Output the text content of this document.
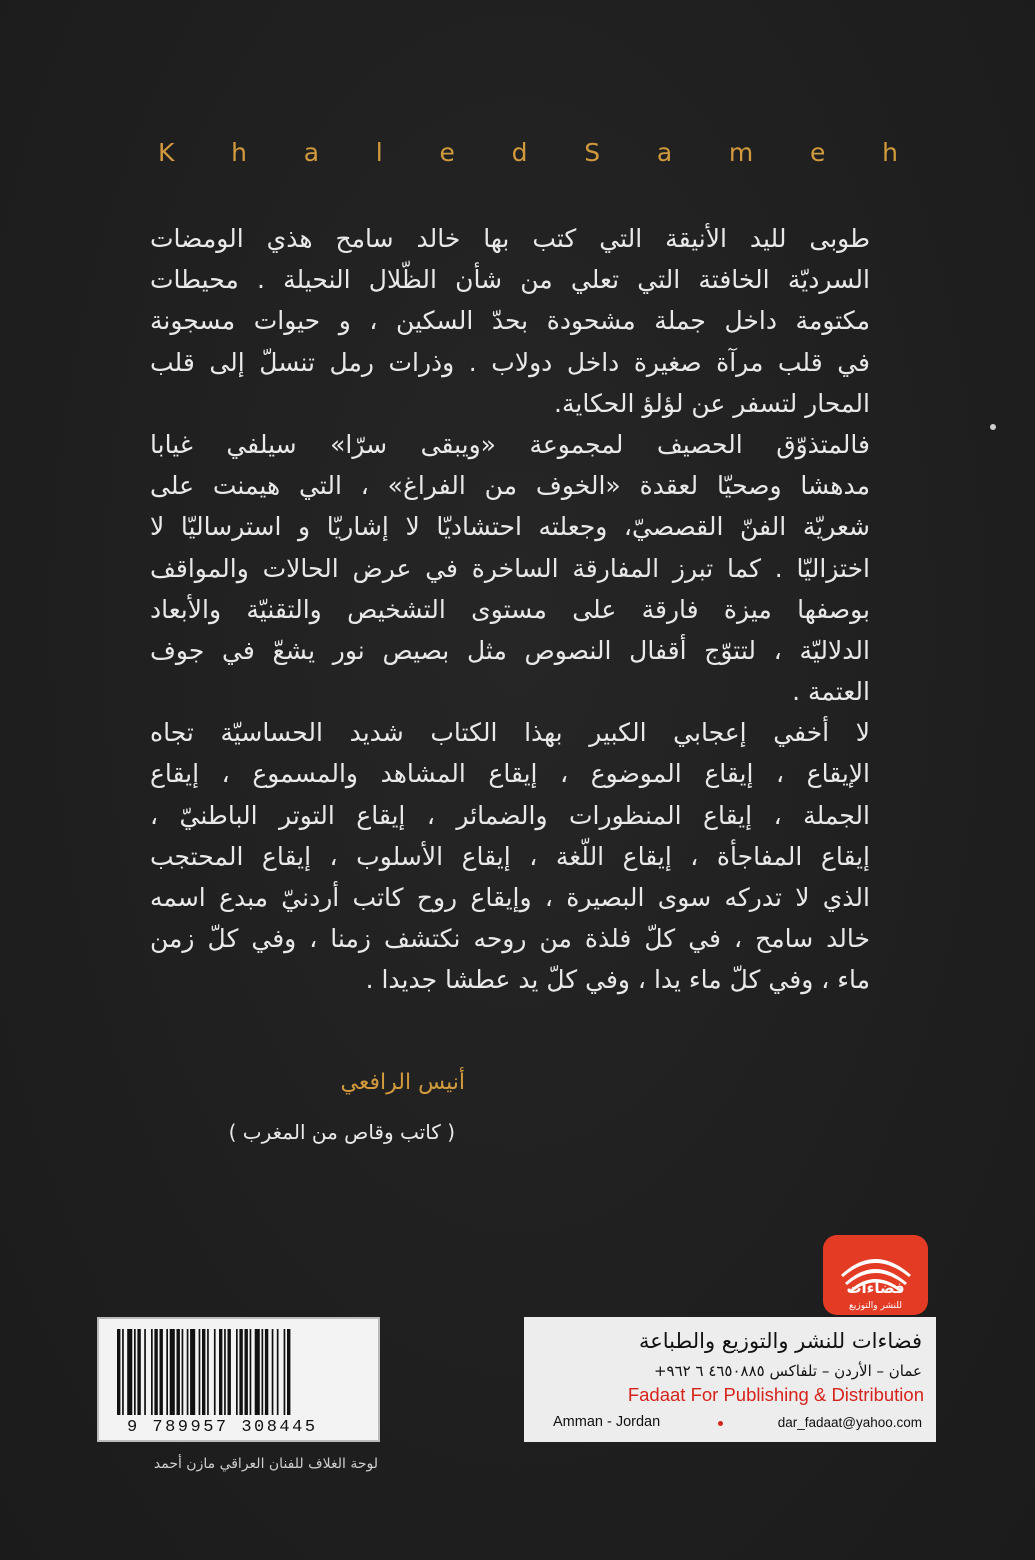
K h a l e d S a m e h
طوبى لليد الأنيقة التي كتب بها خالد سامح هذي الومضات
السرديّة الخافتة التي تعلي من شأن الظّلال النحيلة . محيطات
مكتومة داخل جملة مشحودة بحدّ السكين ، و حيوات مسجونة
في قلب مرآة صغيرة داخل دولاب . وذرات رمل تنسلّ إلى قلب
المحار لتسفر عن لؤلؤ الحكاية.
فالمتذوّق الحصيف لمجموعة «ويبقى سرّا» سيلفي غيابا
مدهشا وصحيّا لعقدة «الخوف من الفراغ» ، التي هيمنت على
شعريّة الفنّ القصصيّ، وجعلته احتشاديّا لا إشاريّا و استرساليّا لا
اختزاليّا . كما تبرز المفارقة الساخرة في عرض الحالات والمواقف
بوصفها ميزة فارقة على مستوى التشخيص والتقنيّة والأبعاد
الدلاليّة ، لتتوّج أقفال النصوص مثل بصيص نور يشعّ في جوف
العتمة .
لا أخفي إعجابي الكبير بهذا الكتاب شديد الحساسيّة تجاه
الإيقاع ، إيقاع الموضوع ، إيقاع المشاهد والمسموع ، إيقاع
الجملة ، إيقاع المنظورات والضمائر ، إيقاع التوتر الباطنيّ ،
إيقاع المفاجأة ، إيقاع اللّغة ، إيقاع الأسلوب ، إيقاع المحتجب
الذي لا تدركه سوى البصيرة ، وإيقاع روح كاتب أردنيّ مبدع اسمه
خالد سامح ، في كلّ فلذة من روحه نكتشف زمنا ، وفي كلّ زمن
ماء ، وفي كلّ ماء يدا ، وفي كلّ يد عطشا جديدا .
أنيس الرافعي
( كاتب وقاص من المغرب )
فضاءات
للنشر والتوزيع
فضاءات للنشر والتوزيع والطباعة
عمان – الأردن – تلفاكس ٤٦٥٠٨٨٥ ٦ ٩٦٢+
Fadaat For Publishing & Distribution
Amman - Jordan	dar_fadaat@yahoo.com
9 789957 308445
لوحة الغلاف للفنان العراقي مازن أحمد
